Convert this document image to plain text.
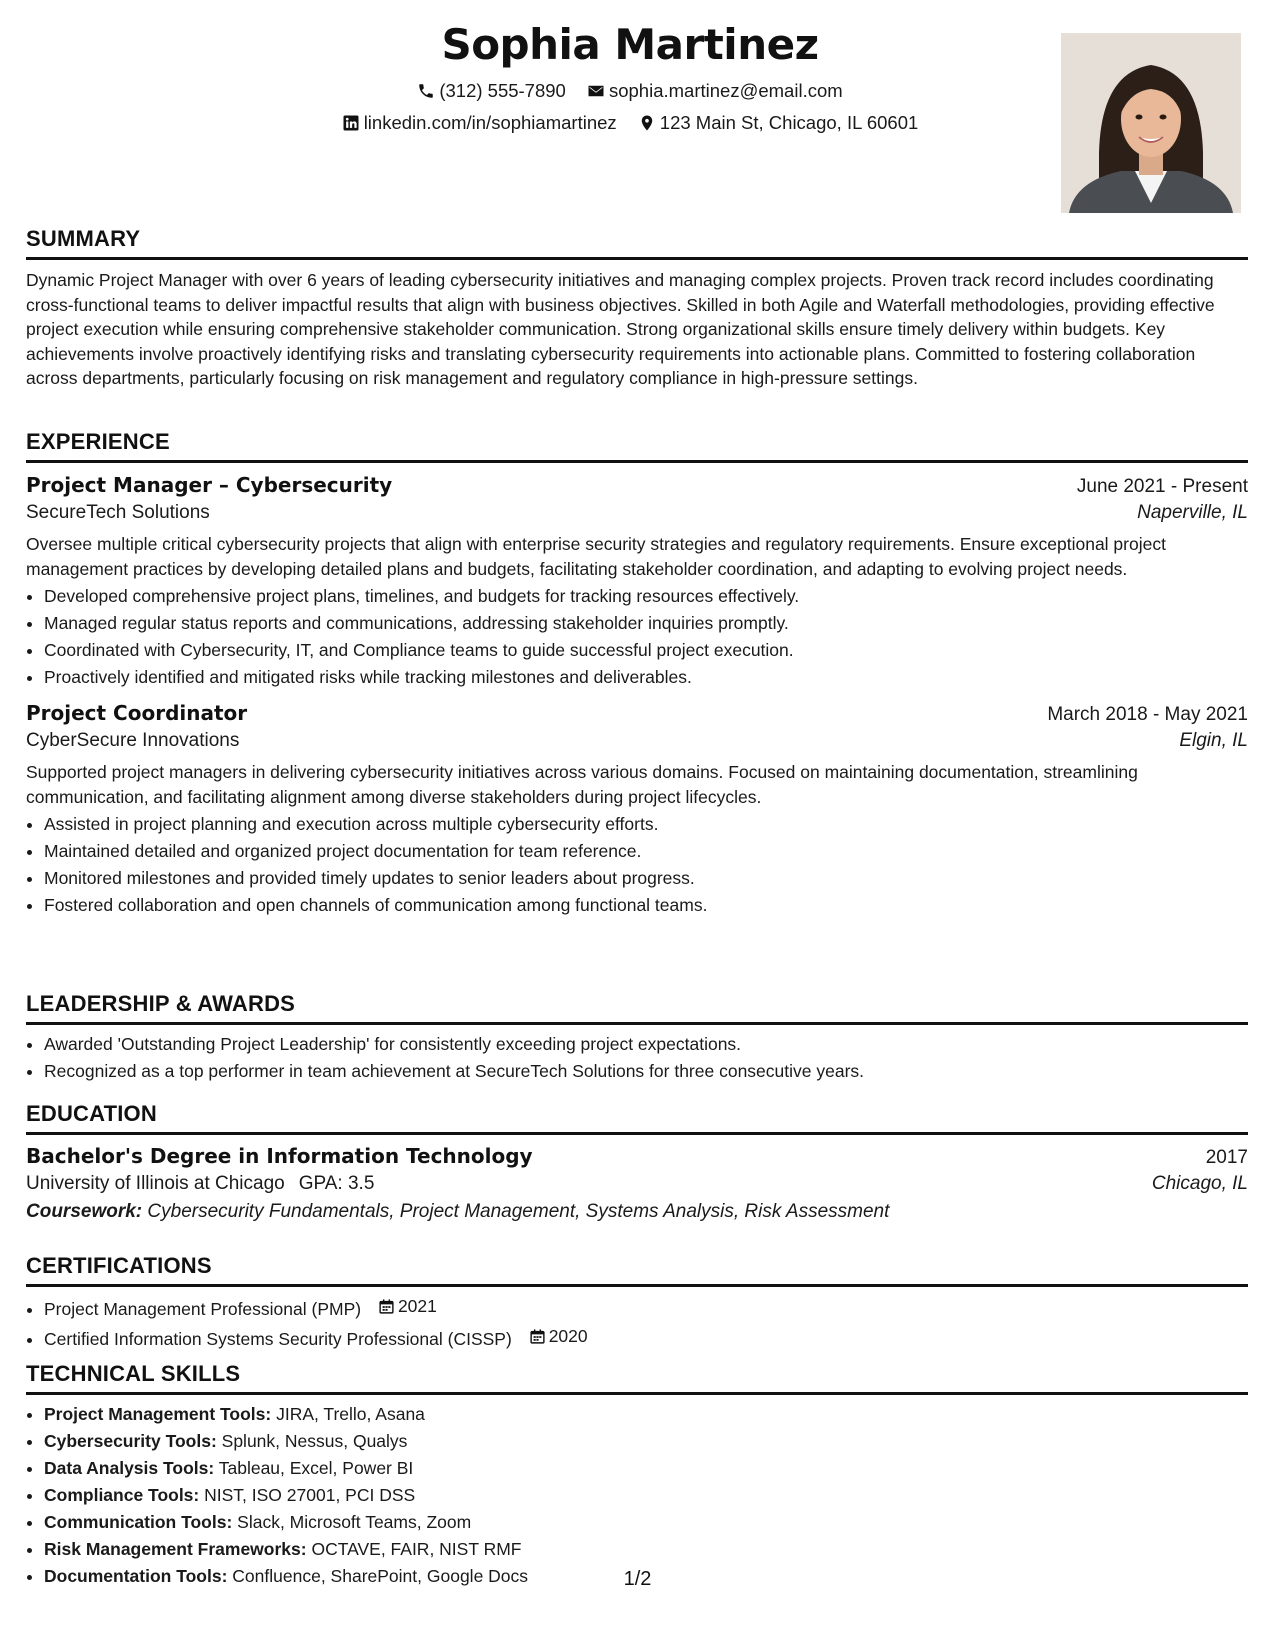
Sophia Martinez
(312) 555-7890
sophia.martinez@email.com
linkedin.com/in/sophiamartinez
123 Main St, Chicago, IL 60601
SUMMARY

Dynamic Project Manager with over 6 years of leading cybersecurity initiatives and managing complex projects. Proven track record includes coordinating cross-functional teams to deliver impactful results that align with business objectives. Skilled in both Agile and Waterfall methodologies, providing effective project execution while ensuring comprehensive stakeholder communication. Strong organizational skills ensure timely delivery within budgets. Key achievements involve proactively identifying risks and translating cybersecurity requirements into actionable plans. Committed to fostering collaboration across departments, particularly focusing on risk management and regulatory compliance in high-pressure settings.

EXPERIENCE
Project Manager – Cybersecurity	June 2021 - Present
SecureTech Solutions	Naperville, IL

Oversee multiple critical cybersecurity projects that align with enterprise security strategies and regulatory requirements. Ensure exceptional project management practices by developing detailed plans and budgets, facilitating stakeholder coordination, and adapting to evolving project needs.

• Developed comprehensive project plans, timelines, and budgets for tracking resources effectively.
• Managed regular status reports and communications, addressing stakeholder inquiries promptly.
• Coordinated with Cybersecurity, IT, and Compliance teams to guide successful project execution.
• Proactively identified and mitigated risks while tracking milestones and deliverables.
Project Coordinator	March 2018 - May 2021
CyberSecure Innovations	Elgin, IL

Supported project managers in delivering cybersecurity initiatives across various domains. Focused on maintaining documentation, streamlining communication, and facilitating alignment among diverse stakeholders during project lifecycles.

• Assisted in project planning and execution across multiple cybersecurity efforts.
• Maintained detailed and organized project documentation for team reference.
• Monitored milestones and provided timely updates to senior leaders about progress.
• Fostered collaboration and open channels of communication among functional teams.
LEADERSHIP & AWARDS
• Awarded 'Outstanding Project Leadership' for consistently exceeding project expectations.
• Recognized as a top performer in team achievement at SecureTech Solutions for three consecutive years.
EDUCATION
Bachelor's Degree in Information Technology	2017
University of Illinois at Chicago GPA: 3.5	Chicago, IL
Coursework: Cybersecurity Fundamentals, Project Management, Systems Analysis, Risk Assessment
CERTIFICATIONS
• Project Management Professional (PMP) 2021
• Certified Information Systems Security Professional (CISSP) 2020
TECHNICAL SKILLS
• Project Management Tools: JIRA, Trello, Asana
• Cybersecurity Tools: Splunk, Nessus, Qualys
• Data Analysis Tools: Tableau, Excel, Power BI
• Compliance Tools: NIST, ISO 27001, PCI DSS
• Communication Tools: Slack, Microsoft Teams, Zoom
• Risk Management Frameworks: OCTAVE, FAIR, NIST RMF
• Documentation Tools: Confluence, SharePoint, Google Docs	1/2
